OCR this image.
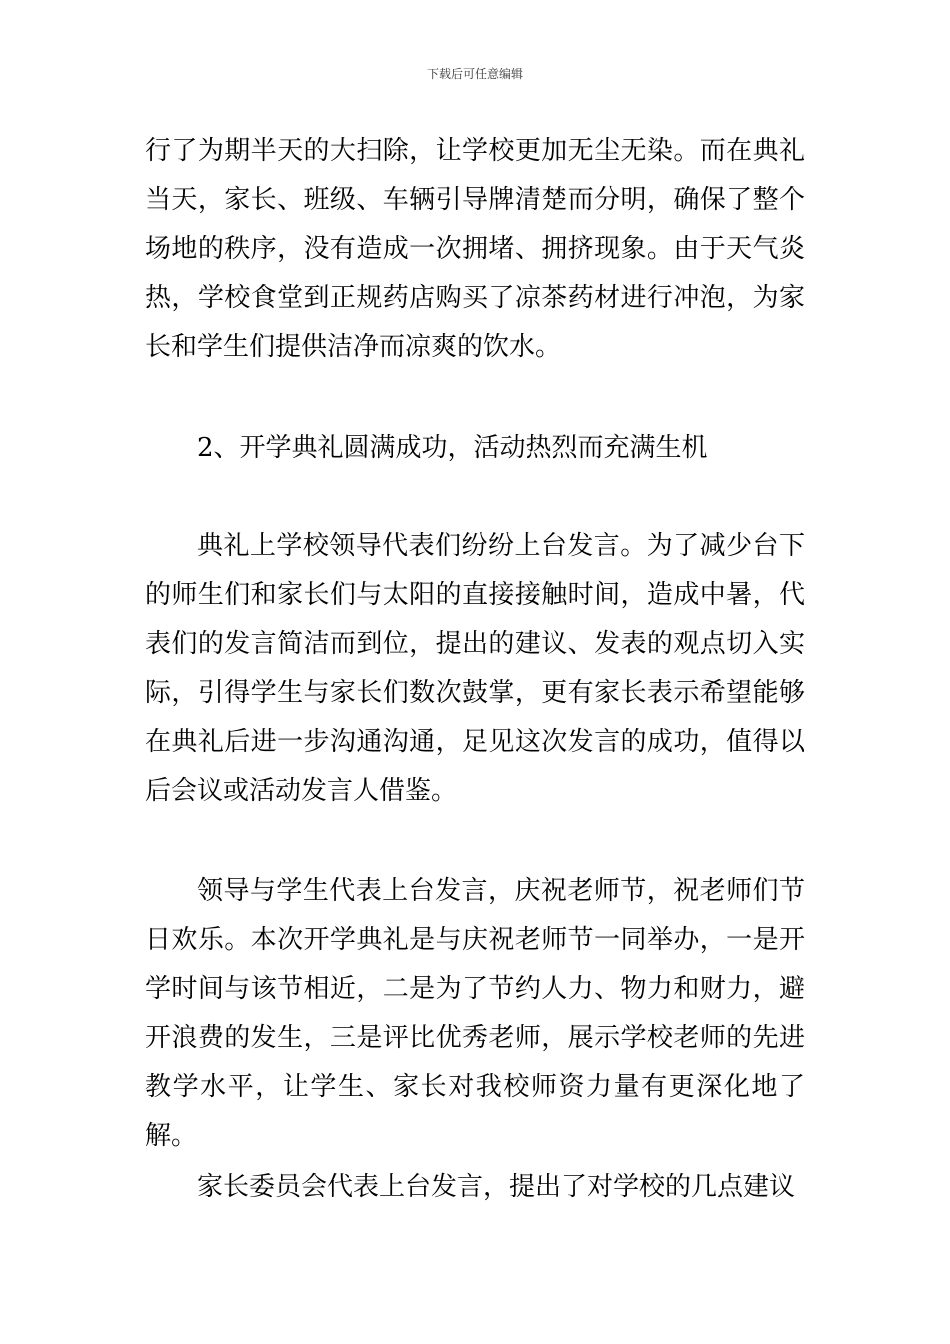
下载后可任意编辑

行了为期半天的大扫除，让学校更加无尘无染。而在典礼当天，家长、班级、车辆引导牌清楚而分明，确保了整个场地的秩序，没有造成一次拥堵、拥挤现象。由于天气炎热，学校食堂到正规药店购买了凉茶药材进行冲泡，为家长和学生们提供洁净而凉爽的饮水。

2、开学典礼圆满成功，活动热烈而充满生机

典礼上学校领导代表们纷纷上台发言。为了减少台下的师生们和家长们与太阳的直接接触时间，造成中暑，代表们的发言简洁而到位，提出的建议、发表的观点切入实际，引得学生与家长们数次鼓掌，更有家长表示希望能够在典礼后进一步沟通沟通，足见这次发言的成功，值得以后会议或活动发言人借鉴。

领导与学生代表上台发言，庆祝老师节，祝老师们节日欢乐。本次开学典礼是与庆祝老师节一同举办，一是开学时间与该节相近，二是为了节约人力、物力和财力，避开浪费的发生，三是评比优秀老师，展示学校老师的先进教学水平，让学生、家长对我校师资力量有更深化地了解。

家长委员会代表上台发言，提出了对学校的几点建议
